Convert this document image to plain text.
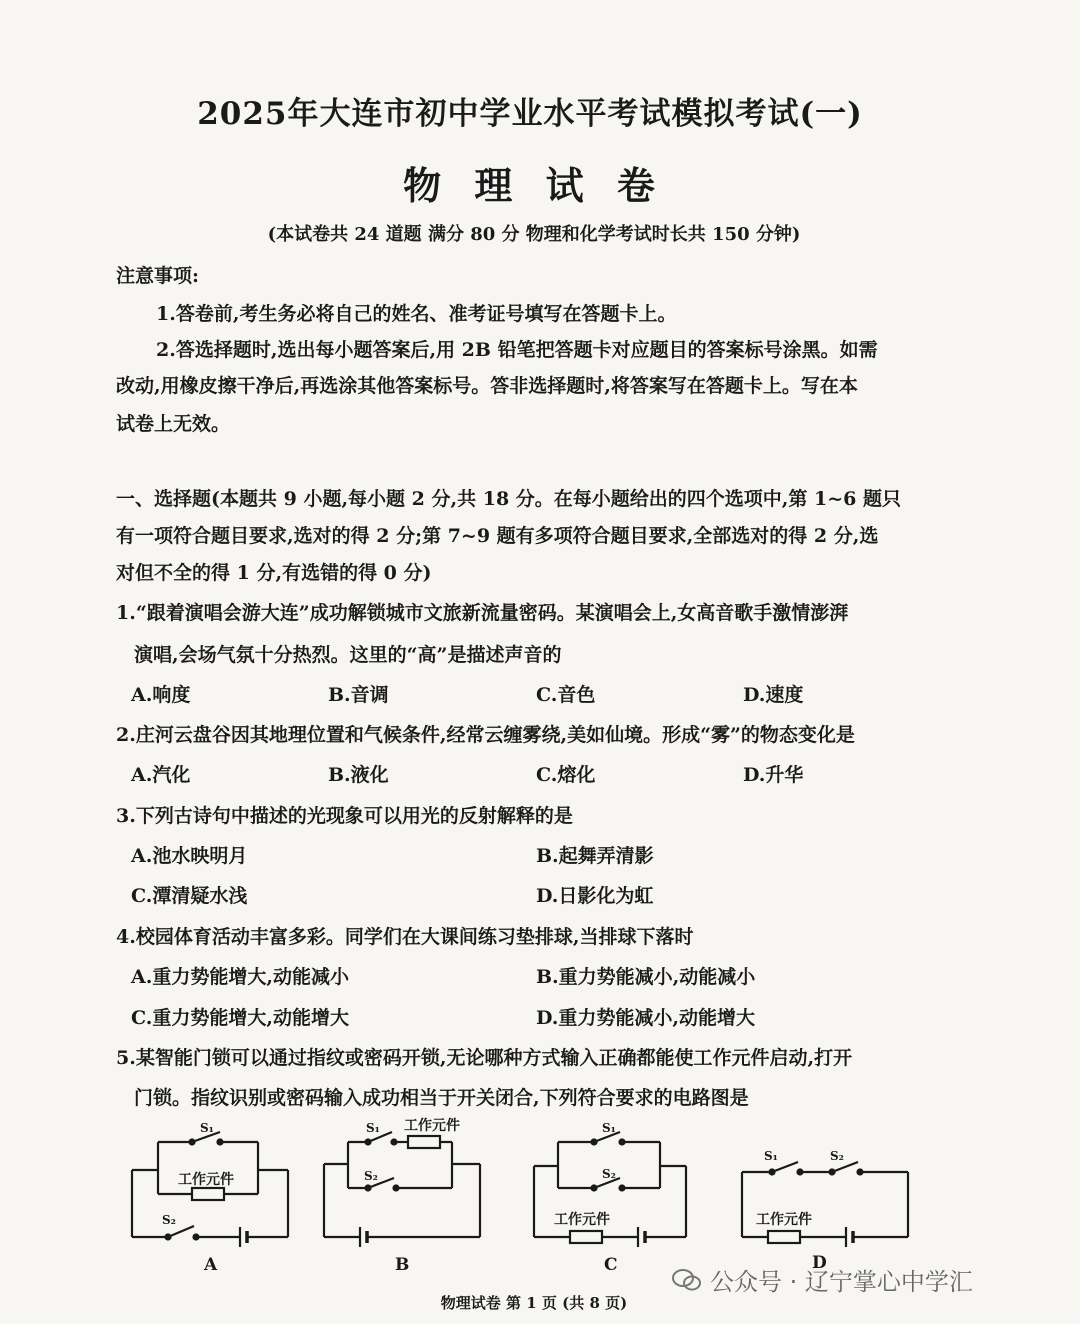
2025年大连市初中学业水平考试模拟考试(一)
物 理 试 卷
(本试卷共 24 道题 满分 80 分 物理和化学考试时长共 150 分钟)
注意事项:
1.答卷前,考生务必将自己的姓名、准考证号填写在答题卡上。
2.答选择题时,选出每小题答案后,用 2B 铅笔把答题卡对应题目的答案标号涂黑。如需
改动,用橡皮擦干净后,再选涂其他答案标号。答非选择题时,将答案写在答题卡上。写在本
试卷上无效。
一、选择题(本题共 9 小题,每小题 2 分,共 18 分。在每小题给出的四个选项中,第 1~6 题只
有一项符合题目要求,选对的得 2 分;第 7~9 题有多项符合题目要求,全部选对的得 2 分,选
对但不全的得 1 分,有选错的得 0 分)
1.“跟着演唱会游大连”成功解锁城市文旅新流量密码。某演唱会上,女高音歌手激情澎湃
演唱,会场气氛十分热烈。这里的“高”是描述声音的
A.响度	B.音调	C.音色	D.速度
2.庄河云盘谷因其地理位置和气候条件,经常云缠雾绕,美如仙境。形成“雾”的物态变化是
A.汽化	B.液化	C.熔化	D.升华
3.下列古诗句中描述的光现象可以用光的反射解释的是
A.池水映明月	B.起舞弄清影
C.潭清疑水浅	D.日影化为虹
4.校园体育活动丰富多彩。同学们在大课间练习垫排球,当排球下落时
A.重力势能增大,动能减小	B.重力势能减小,动能减小
C.重力势能增大,动能增大	D.重力势能减小,动能增大
5.某智能门锁可以通过指纹或密码开锁,无论哪种方式输入正确都能使工作元件启动,打开
门锁。指纹识别或密码输入成功相当于开关闭合,下列符合要求的电路图是
S₁
工作元件
S₂
A
S₁ 工作元件
S₂
B
S₁
S₂
工作元件
C
S₁	S₂
工作元件
D
公众号 · 辽宁掌心中学汇
物理试卷 第 1 页 (共 8 页)
